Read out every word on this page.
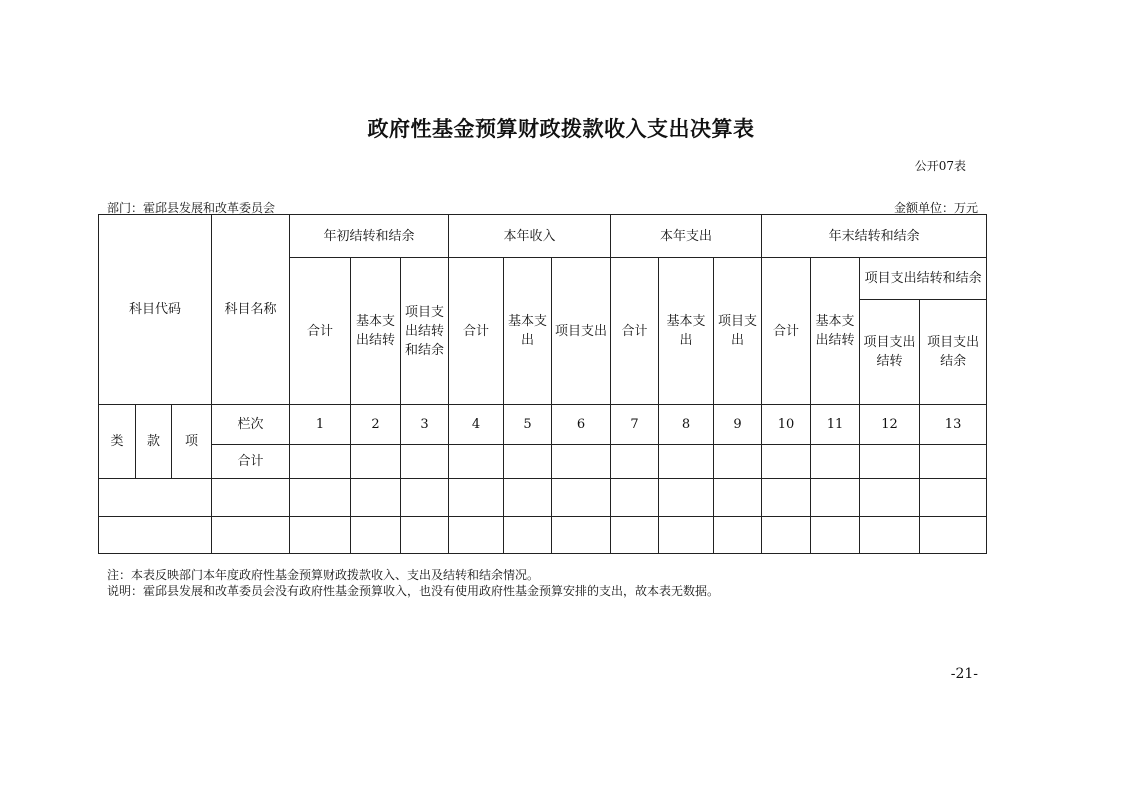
政府性基金预算财政拨款收入支出决算表
公开07表
部门：霍邱县发展和改革委员会	金额单位：万元
科目代码			科目名称	年初结转和结余			本年收入			本年支出			年末结转和结余			
				合计	基本支出结转	项目支出结转和结余	合计	基本支出	项目支出	合计	基本支出	项目支出	合计	基本支出结转	项目支出结转和结余	
															项目支出结转	项目支出结余
类	款	项	栏次	1	2	3	4	5	6	7	8	9	10	11	12	13
			合计													

注：本表反映部门本年度政府性基金预算财政拨款收入、支出及结转和结余情况。
说明：霍邱县发展和改革委员会没有政府性基金预算收入，也没有使用政府性基金预算安排的支出，故本表无数据。
-21-
